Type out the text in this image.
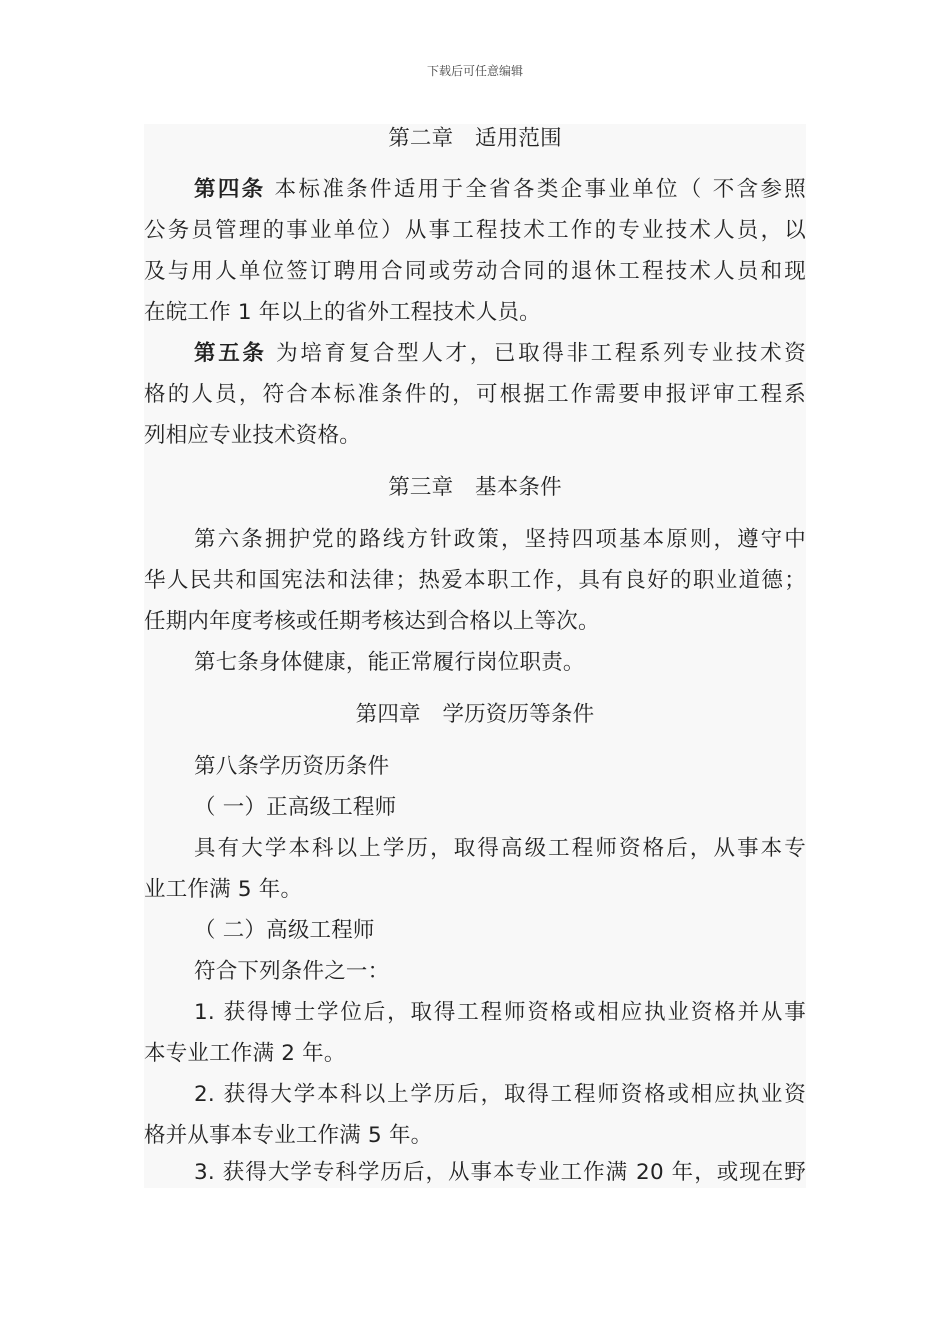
下载后可任意编辑
第二章　适用范围
第四条 本标准条件适用于全省各类企事业单位（ 不含参照
公务员管理的事业单位）从事工程技术工作的专业技术人员，以
及与用人单位签订聘用合同或劳动合同的退休工程技术人员和现
在皖工作 1 年以上的省外工程技术人员。
第五条 为培育复合型人才，已取得非工程系列专业技术资
格的人员，符合本标准条件的，可根据工作需要申报评审工程系
列相应专业技术资格。
第三章　基本条件
第六条拥护党的路线方针政策，坚持四项基本原则，遵守中
华人民共和国宪法和法律；热爱本职工作，具有良好的职业道德；
任期内年度考核或任期考核达到合格以上等次。
第七条身体健康，能正常履行岗位职责。
第四章　学历资历等条件
第八条学历资历条件
（ 一）正高级工程师
具有大学本科以上学历，取得高级工程师资格后，从事本专
业工作满 5 年。
（ 二）高级工程师
符合下列条件之一：
1. 获得博士学位后，取得工程师资格或相应执业资格并从事
本专业工作满 2 年。
2. 获得大学本科以上学历后，取得工程师资格或相应执业资
格并从事本专业工作满 5 年。
3. 获得大学专科学历后，从事本专业工作满 20 年，或现在野
